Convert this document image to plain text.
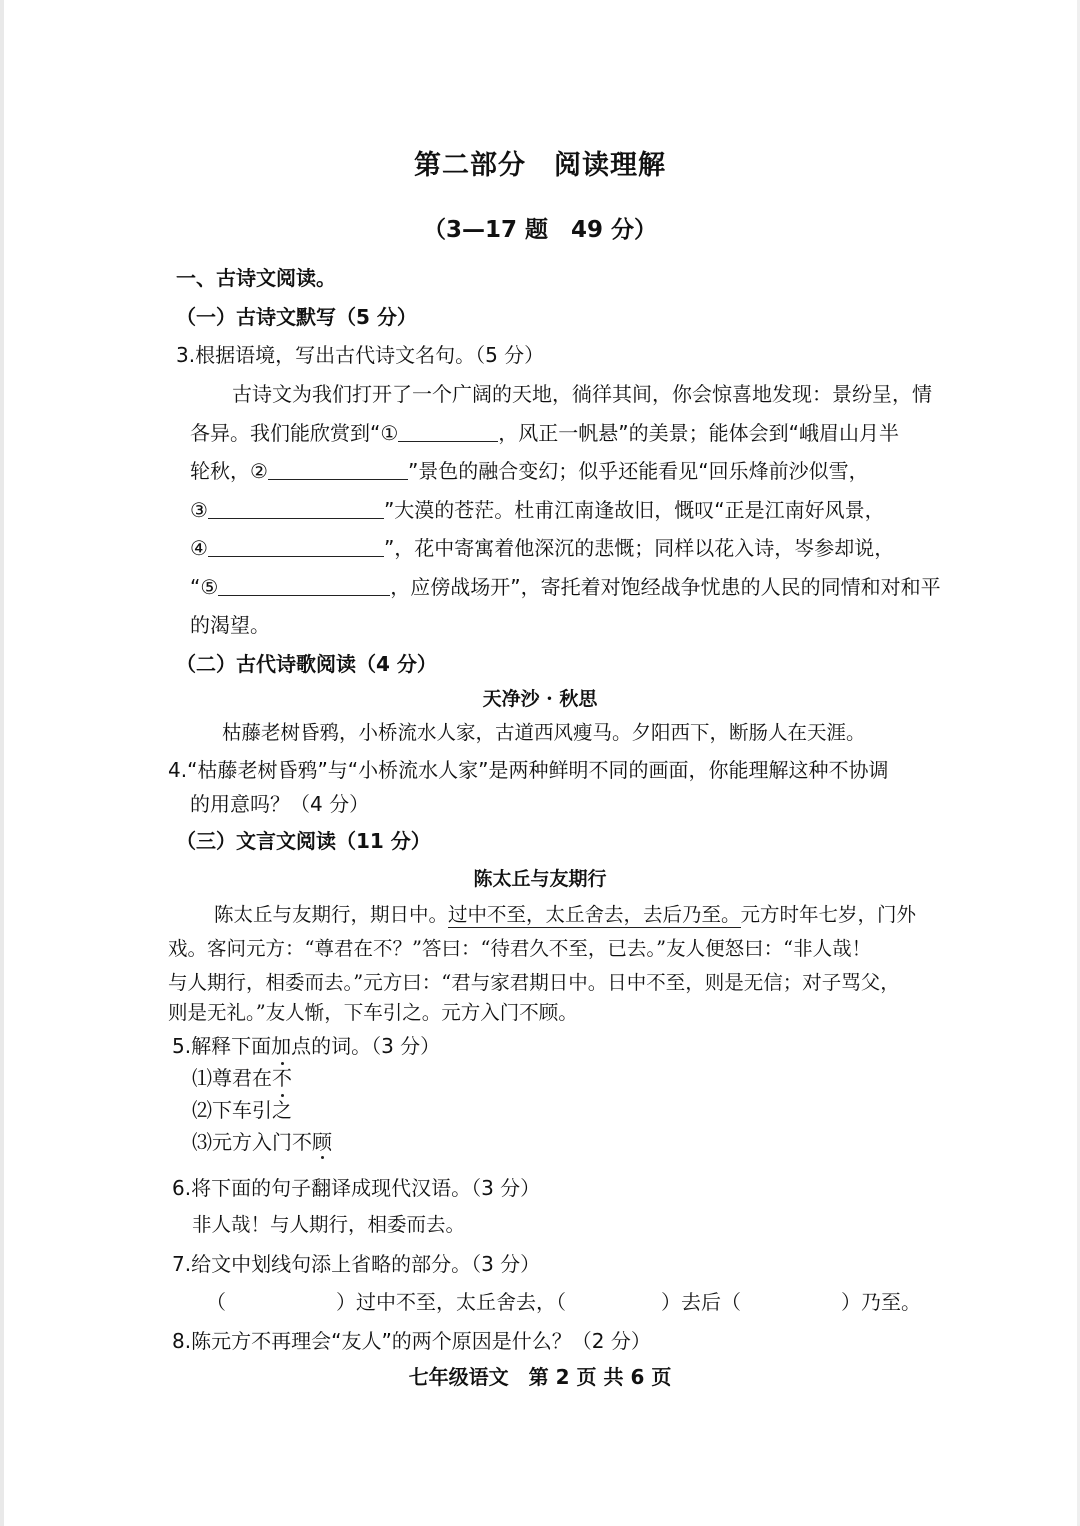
第二部分　阅读理解
（3—17 题　49 分）
一、古诗文阅读。
（一）古诗文默写（5 分）
3.根据语境，写出古代诗文名句。（5 分）
古诗文为我们打开了一个广阔的天地，徜徉其间，你会惊喜地发现：景纷呈，情
各异。我们能欣赏到“①	，风正一帆悬”的美景；能体会到“峨眉山月半
轮秋，②	”景色的融合变幻；似乎还能看见“回乐烽前沙似雪，
③	”大漠的苍茫。杜甫江南逢故旧，慨叹“正是江南好风景，
④	”，花中寄寓着他深沉的悲慨；同样以花入诗，岑参却说，
“⑤	，应傍战场开”，寄托着对饱经战争忧患的人民的同情和对和平
的渴望。
（二）古代诗歌阅读（4 分）
天净沙 · 秋思
枯藤老树昏鸦，小桥流水人家，古道西风瘦马。夕阳西下，断肠人在天涯。
4.“枯藤老树昏鸦”与“小桥流水人家”是两种鲜明不同的画面，你能理解这种不协调
的用意吗？（4 分）
（三）文言文阅读（11 分）
陈太丘与友期行
陈太丘与友期行，期日中。过中不至，太丘舍去，去后乃至。元方时年七岁，门外
戏。客问元方：“尊君在不？”答曰：“待君久不至，已去。”友人便怒曰：“非人哉！
与人期行，相委而去。”元方曰：“君与家君期日中。日中不至，则是无信；对子骂父，
则是无礼。”友人惭，下车引之。元方入门不顾。
5.解释下面加点的词。（3 分）
⑴尊君在不
⑵下车引之
⑶元方入门不顾
6.将下面的句子翻译成现代汉语。（3 分）
非人哉！与人期行，相委而去。
7.给文中划线句添上省略的部分。（3 分）
（	）过中不至，太丘舍去，（	）去后（	）乃至。
8.陈元方不再理会“友人”的两个原因是什么？（2 分）
七年级语文　第 2 页 共 6 页
